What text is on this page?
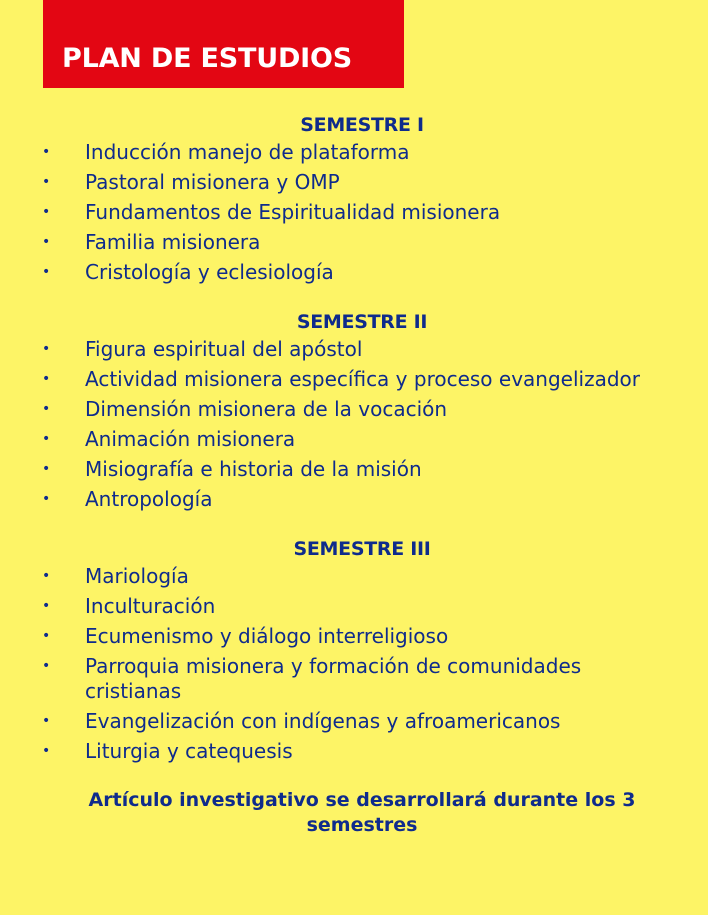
PLAN DE ESTUDIOS
SEMESTRE I
• Inducción manejo de plataforma
• Pastoral misionera y OMP
• Fundamentos de Espiritualidad misionera
• Familia misionera
• Cristología y eclesiología
SEMESTRE II
• Figura espiritual del apóstol
• Actividad misionera específica y proceso evangelizador
• Dimensión misionera de la vocación
• Animación misionera
• Misiografía e historia de la misión
• Antropología
SEMESTRE III
• Mariología
• Inculturación
• Ecumenismo y diálogo interreligioso
• Parroquia misionera y formación de comunidades cristianas
• Evangelización con indígenas y afroamericanos
• Liturgia y catequesis

Artículo investigativo se desarrollará durante los 3 semestres
